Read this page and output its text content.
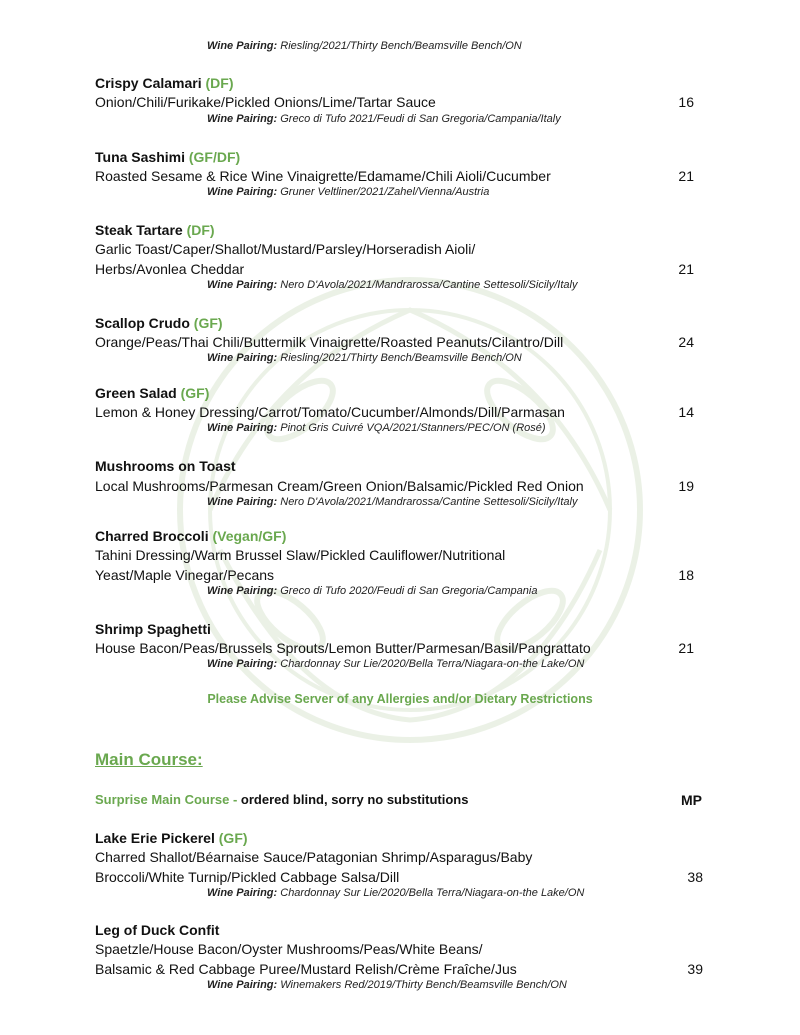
Wine Pairing: Riesling/2021/Thirty Bench/Beamsville Bench/ON
Crispy Calamari (DF)
Onion/Chili/Furikake/Pickled Onions/Lime/Tartar Sauce	16
Wine Pairing: Greco di Tufo 2021/Feudi di San Gregoria/Campania/Italy
Tuna Sashimi (GF/DF)
Roasted Sesame & Rice Wine Vinaigrette/Edamame/Chili Aioli/Cucumber	21
Wine Pairing: Gruner Veltliner/2021/Zahel/Vienna/Austria
Steak Tartare (DF)
Garlic Toast/Caper/Shallot/Mustard/Parsley/Horseradish Aioli/
Herbs/Avonlea Cheddar	21
Wine Pairing: Nero D'Avola/2021/Mandrarossa/Cantine Settesoli/Sicily/Italy
Scallop Crudo (GF)
Orange/Peas/Thai Chili/Buttermilk Vinaigrette/Roasted Peanuts/Cilantro/Dill	24
Wine Pairing: Riesling/2021/Thirty Bench/Beamsville Bench/ON
Green Salad (GF)
Lemon & Honey Dressing/Carrot/Tomato/Cucumber/Almonds/Dill/Parmasan	14
Wine Pairing: Pinot Gris Cuivré VQA/2021/Stanners/PEC/ON (Rosé)
Mushrooms on Toast
Local Mushrooms/Parmesan Cream/Green Onion/Balsamic/Pickled Red Onion	19
Wine Pairing: Nero D'Avola/2021/Mandrarossa/Cantine Settesoli/Sicily/Italy
Charred Broccoli (Vegan/GF)
Tahini Dressing/Warm Brussel Slaw/Pickled Cauliflower/Nutritional
Yeast/Maple Vinegar/Pecans	18
Wine Pairing: Greco di Tufo 2020/Feudi di San Gregoria/Campania
Shrimp Spaghetti
House Bacon/Peas/Brussels Sprouts/Lemon Butter/Parmesan/Basil/Pangrattato	21
Wine Pairing: Chardonnay Sur Lie/2020/Bella Terra/Niagara-on-the Lake/ON
Please Advise Server of any Allergies and/or Dietary Restrictions
Main Course:
Surprise Main Course - ordered blind, sorry no substitutions	MP
Lake Erie Pickerel (GF)
Charred Shallot/Béarnaise Sauce/Patagonian Shrimp/Asparagus/Baby
Broccoli/White Turnip/Pickled Cabbage Salsa/Dill	38
Wine Pairing: Chardonnay Sur Lie/2020/Bella Terra/Niagara-on-the Lake/ON
Leg of Duck Confit
Spaetzle/House Bacon/Oyster Mushrooms/Peas/White Beans/
Balsamic & Red Cabbage Puree/Mustard Relish/Crème Fraîche/Jus	39
Wine Pairing: Winemakers Red/2019/Thirty Bench/Beamsville Bench/ON
